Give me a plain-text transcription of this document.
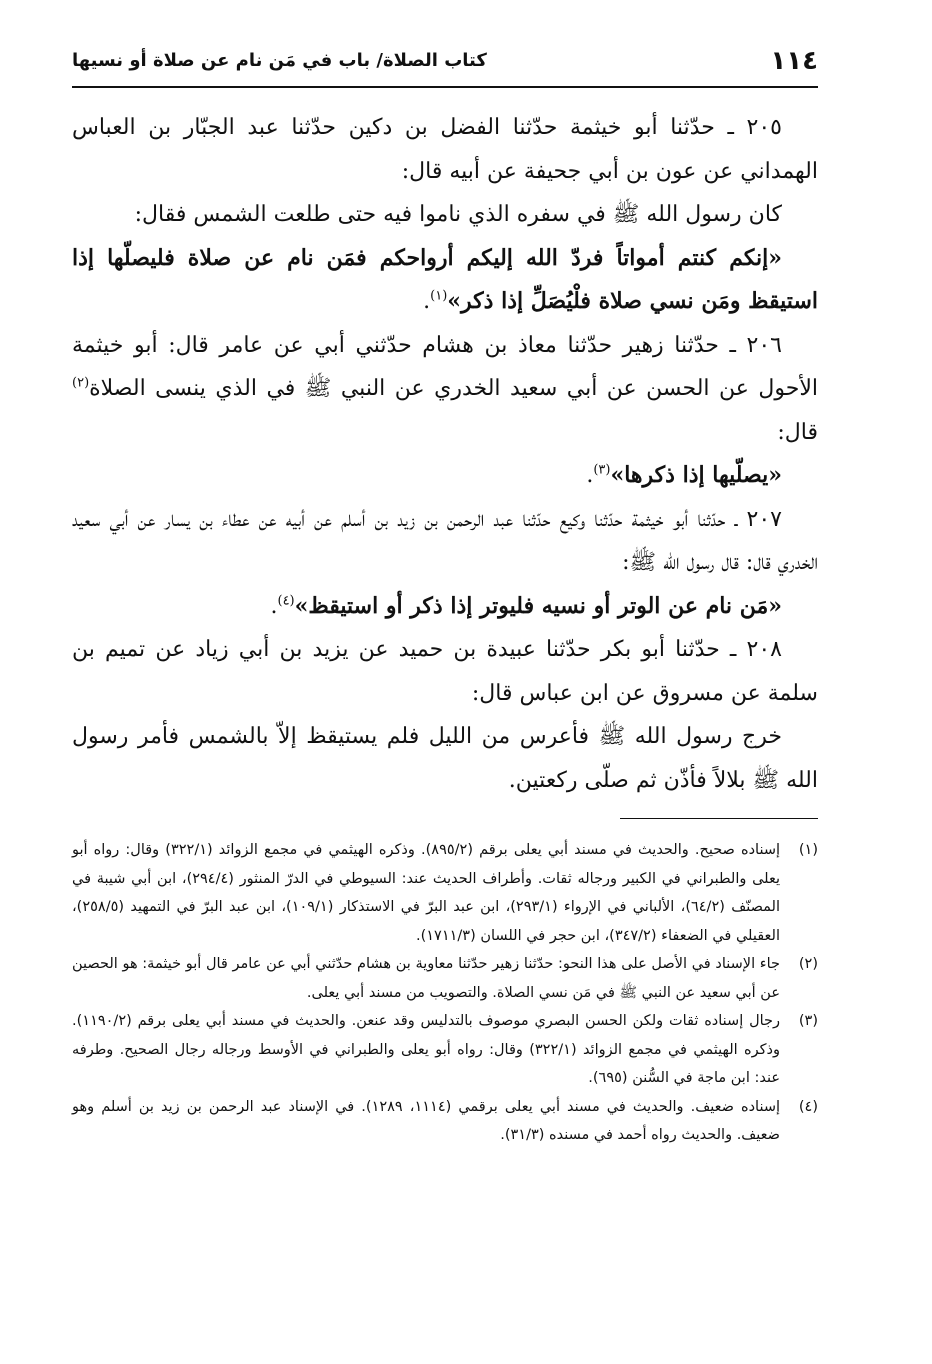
١١٤
كتاب الصلاة/ باب في مَن نام عن صلاة أو نسيها

٢٠٥ ـ حدّثنا أبو خيثمة حدّثنا الفضل بن دكين حدّثنا عبد الجبّار بن العباس الهمداني عن عون بن أبي جحيفة عن أبيه قال:

كان رسول الله ﷺ في سفره الذي ناموا فيه حتى طلعت الشمس فقال:

«إنكم كنتم أمواتاً فردّ الله إليكم أرواحكم فمَن نام عن صلاة فليصلّها إذا استيقظ ومَن نسي صلاة فلْيُصَلِّ إذا ذكر»$^{(١)}$.

٢٠٦ ـ حدّثنا زهير حدّثنا معاذ بن هشام حدّثني أبي عن عامر قال: أبو خيثمة الأحول عن الحسن عن أبي سعيد الخدري عن النبي ﷺ في الذي ينسى الصلاة$^{(٢)}$ قال:

«يصلّيها إذا ذكرها»$^{(٣)}$.

٢٠٧ ـ حدّثنا أبو خيثمة حدّثنا وكيع حدّثنا عبد الرحمن بن زيد بن أسلم عن أبيه عن عطاء بن يسار عن أبي سعيد الخدري قال: قال رسول الله ﷺ:

«مَن نام عن الوتر أو نسيه فليوتر إذا ذكر أو استيقظ»$^{(٤)}$.

٢٠٨ ـ حدّثنا أبو بكر حدّثنا عبيدة بن حميد عن يزيد بن أبي زياد عن تميم بن سلمة عن مسروق عن ابن عباس قال:

خرج رسول الله ﷺ فأعرس من الليل فلم يستيقظ إلاّ بالشمس فأمر رسول الله ﷺ بلالاً فأذّن ثم صلّى ركعتين.

(١)
إسناده صحيح. والحديث في مسند أبي يعلى برقم (٨٩٥/٢). وذكره الهيثمي في مجمع الزوائد (٣٢٢/١) وقال: رواه أبو يعلى والطبراني في الكبير ورجاله ثقات. وأطراف الحديث عند: السيوطي في الدرّ المنثور (٢٩٤/٤)، ابن أبي شيبة في المصنّف (٦٤/٢)، الألباني في الإرواء (٢٩٣/١)، ابن عبد البرّ في الاستذكار (١٠٩/١)، ابن عبد البرّ في التمهيد (٢٥٨/٥)، العقيلي في الضعفاء (٣٤٧/٢)، ابن حجر في اللسان (١٧١١/٣).

(٢)
جاء الإسناد في الأصل على هذا النحو: حدّثنا زهير حدّثنا معاوية بن هشام حدّثني أبي عن عامر قال أبو خيثمة: هو الحصين عن أبي سعيد عن النبي ﷺ في مَن نسي الصلاة. والتصويب من مسند أبي يعلى.

(٣)
رجال إسناده ثقات ولكن الحسن البصري موصوف بالتدليس وقد عنعن. والحديث في مسند أبي يعلى برقم (١١٩٠/٢). وذكره الهيثمي في مجمع الزوائد (٣٢٢/١) وقال: رواه أبو يعلى والطبراني في الأوسط ورجاله رجال الصحيح. وطرفه عند: ابن ماجة في السُّنن (٦٩٥).

(٤)
إسناده ضعيف. والحديث في مسند أبي يعلى برقمي (١١١٤، ١٢٨٩). في الإسناد عبد الرحمن بن زيد بن أسلم وهو ضعيف. والحديث رواه أحمد في مسنده (٣١/٣).
